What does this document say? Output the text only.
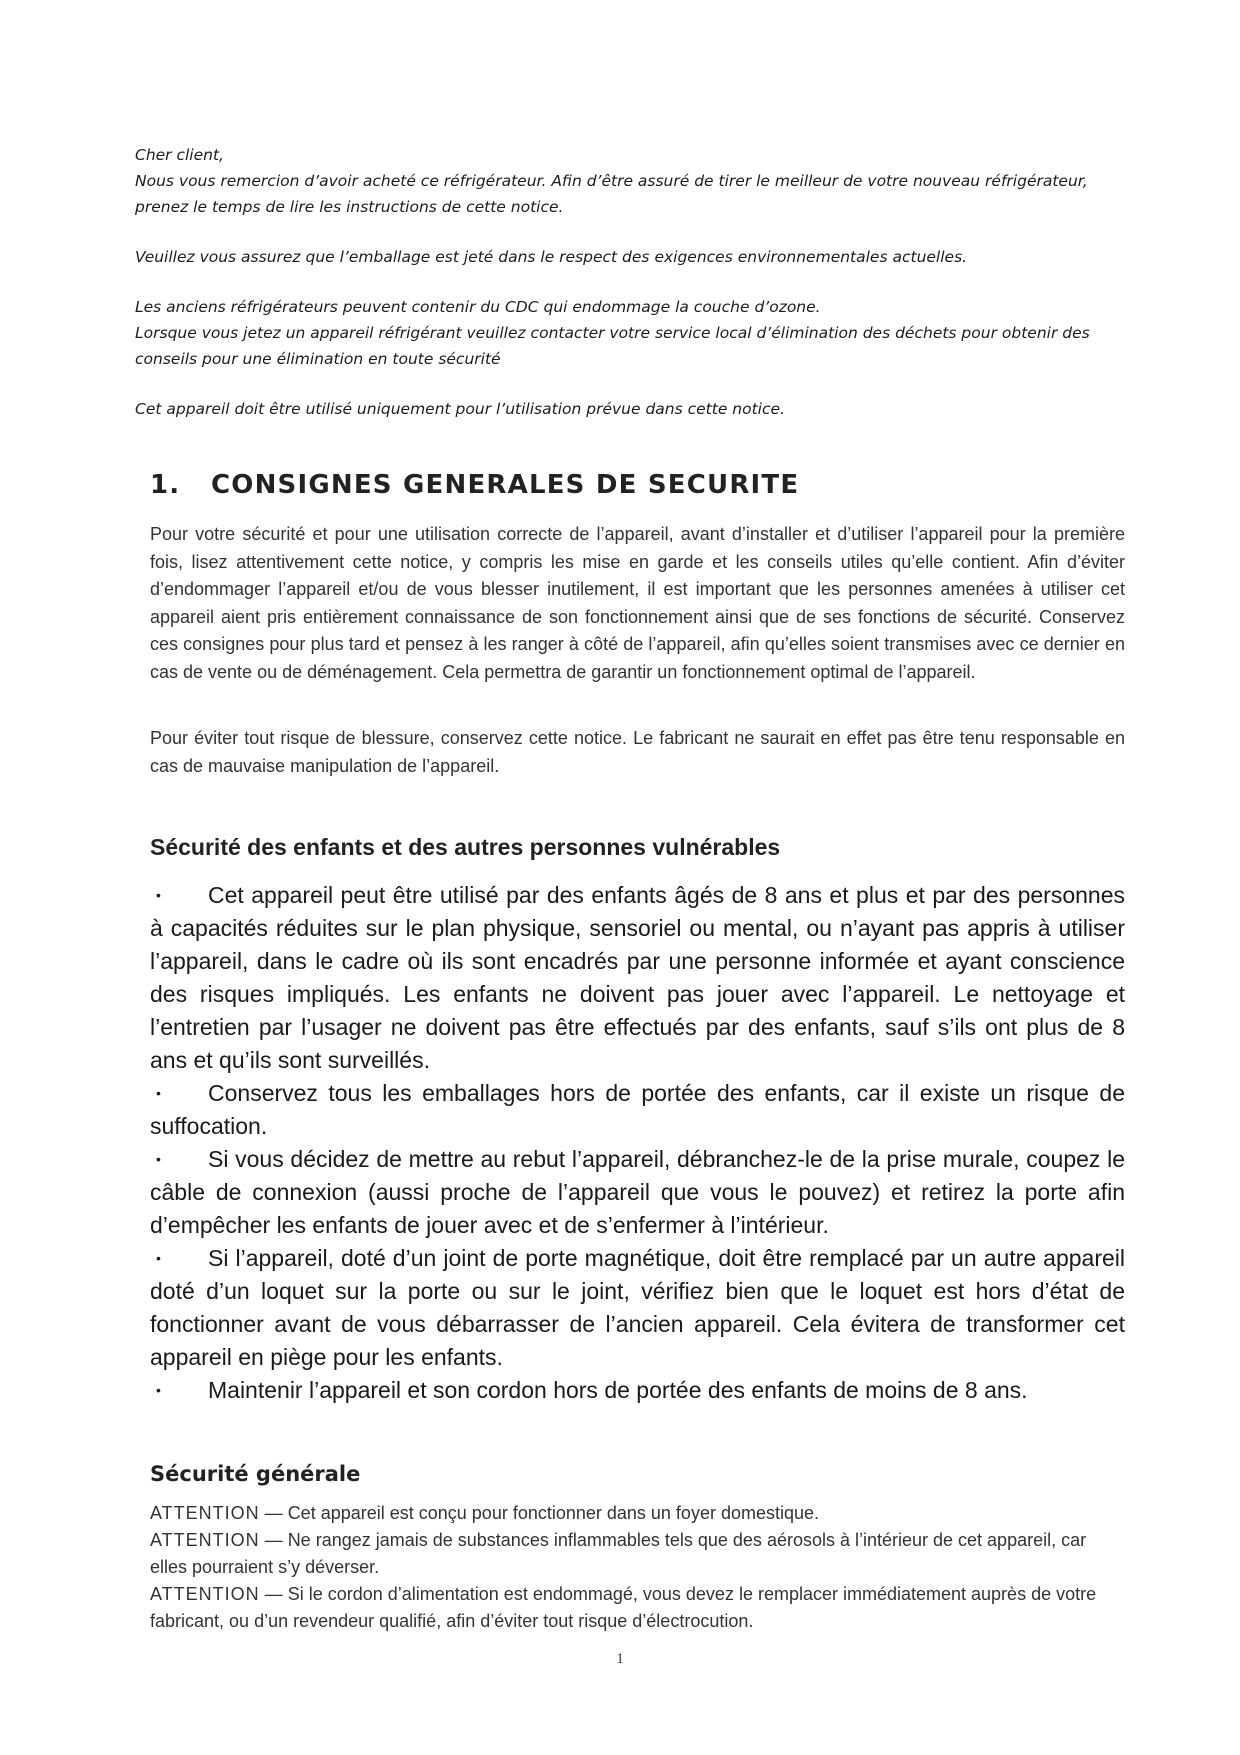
Cher client,

Nous vous remercion d’avoir acheté ce réfrigérateur. Afin d’être assuré de tirer le meilleur de votre nouveau réfrigérateur, prenez le temps de lire les instructions de cette notice.

Veuillez vous assurez que l’emballage est jeté dans le respect des exigences environnementales actuelles.

Les anciens réfrigérateurs peuvent contenir du CDC qui endommage la couche d’ozone.

Lorsque vous jetez un appareil réfrigérant veuillez contacter votre service local d’élimination des déchets pour obtenir des conseils pour une élimination en toute sécurité

Cet appareil doit être utilisé uniquement pour l’utilisation prévue dans cette notice.

1. CONSIGNES GENERALES DE SECURITE

Pour votre sécurité et pour une utilisation correcte de l’appareil, avant d’installer et d’utiliser l’appareil pour la première fois, lisez attentivement cette notice, y compris les mise en garde et les conseils utiles qu’elle contient. Afin d’éviter d’endommager l’appareil et/ou de vous blesser inutilement, il est important que les personnes amenées à utiliser cet appareil aient pris entièrement connaissance de son fonctionnement ainsi que de ses fonctions de sécurité. Conservez ces consignes pour plus tard et pensez à les ranger à côté de l’appareil, afin qu’elles soient transmises avec ce dernier en cas de vente ou de déménagement. Cela permettra de garantir un fonctionnement optimal de l’appareil.

Pour éviter tout risque de blessure, conservez cette notice. Le fabricant ne saurait en effet pas être tenu responsable en cas de mauvaise manipulation de l’appareil.

Sécurité des enfants et des autres personnes vulnérables
• Cet appareil peut être utilisé par des enfants âgés de 8 ans et plus et par des personnes à capacités réduites sur le plan physique, sensoriel ou mental, ou n’ayant pas appris à utiliser l’appareil, dans le cadre où ils sont encadrés par une personne informée et ayant conscience des risques impliqués. Les enfants ne doivent pas jouer avec l’appareil. Le nettoyage et l’entretien par l’usager ne doivent pas être effectués par des enfants, sauf s’ils ont plus de 8 ans et qu’ils sont surveillés.
• Conservez tous les emballages hors de portée des enfants, car il existe un risque de suffocation.
• Si vous décidez de mettre au rebut l’appareil, débranchez-le de la prise murale, coupez le câble de connexion (aussi proche de l’appareil que vous le pouvez) et retirez la porte afin d’empêcher les enfants de jouer avec et de s’enfermer à l’intérieur.
• Si l’appareil, doté d’un joint de porte magnétique, doit être remplacé par un autre appareil doté d’un loquet sur la porte ou sur le joint, vérifiez bien que le loquet est hors d’état de fonctionner avant de vous débarrasser de l’ancien appareil. Cela évitera de transformer cet appareil en piège pour les enfants.
• Maintenir l’appareil et son cordon hors de portée des enfants de moins de 8 ans.
Sécurité générale

ATTENTION — Cet appareil est conçu pour fonctionner dans un foyer domestique.

ATTENTION — Ne rangez jamais de substances inflammables tels que des aérosols à l’intérieur de cet appareil, car elles pourraient s’y déverser.

ATTENTION — Si le cordon d’alimentation est endommagé, vous devez le remplacer immédiatement auprès de votre fabricant, ou d’un revendeur qualifié, afin d’éviter tout risque d’électrocution.

1
